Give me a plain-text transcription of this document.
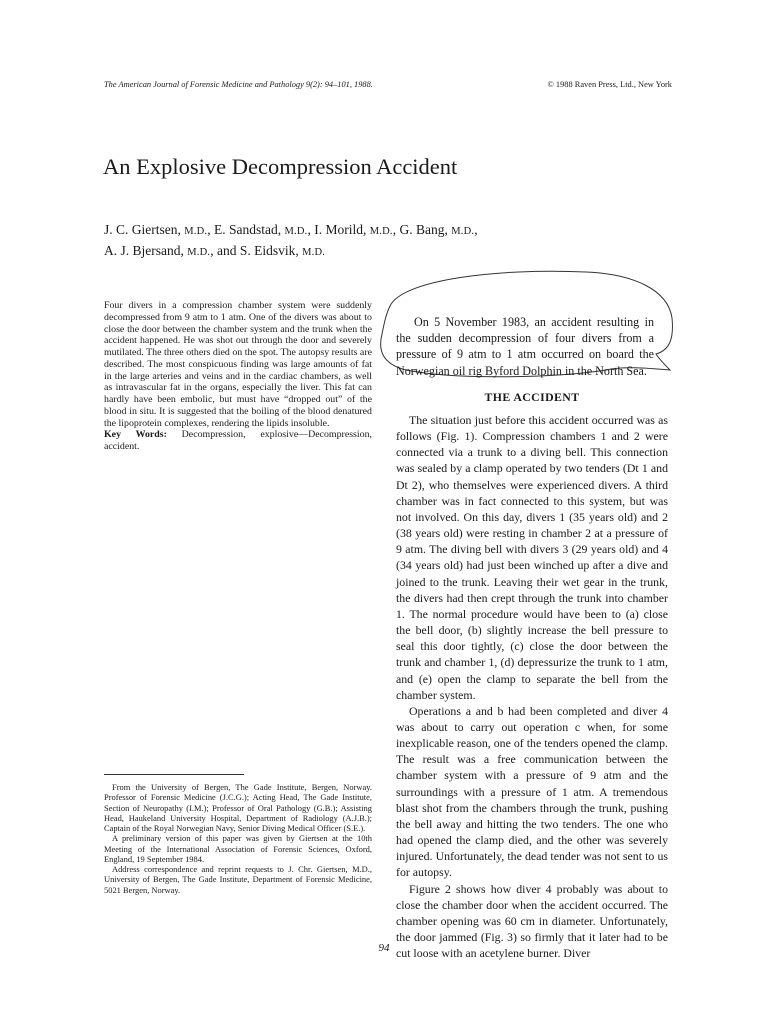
The American Journal of Forensic Medicine and Pathology 9(2): 94–101, 1988.	© 1988 Raven Press, Ltd., New York
An Explosive Decompression Accident
J. C. Giertsen, M.D., E. Sandstad, M.D., I. Morild, M.D., G. Bang, M.D.,
A. J. Bjersand, M.D., and S. Eidsvik, M.D.
Four divers in a compression chamber system were suddenly decompressed from 9 atm to 1 atm. One of the divers was about to close the door between the chamber system and the trunk when the accident happened. He was shot out through the door and severely mutilated. The three others died on the spot. The autopsy results are described. The most conspicuous finding was large amounts of fat in the large arteries and veins and in the cardiac chambers, as well as intravascular fat in the organs, especially the liver. This fat can hardly have been embolic, but must have “dropped out” of the blood in situ. It is suggested that the boiling of the blood denatured the lipoprotein complexes, rendering the lipids insoluble.
Key Words: Decompression, explosive—Decompression, accident.

On 5 November 1983, an accident resulting in the sudden decompression of four divers from a pressure of 9 atm to 1 atm occurred on board the Norwegian oil rig Byford Dolphin in the North Sea.

THE ACCIDENT

The situation just before this accident occurred was as follows (Fig. 1). Compression chambers 1 and 2 were connected via a trunk to a diving bell. This connection was sealed by a clamp operated by two tenders (Dt 1 and Dt 2), who themselves were experienced divers. A third chamber was in fact connected to this system, but was not involved. On this day, divers 1 (35 years old) and 2 (38 years old) were resting in chamber 2 at a pressure of 9 atm. The diving bell with divers 3 (29 years old) and 4 (34 years old) had just been winched up after a dive and joined to the trunk. Leaving their wet gear in the trunk, the divers had then crept through the trunk into chamber 1. The normal procedure would have been to (a) close the bell door, (b) slightly increase the bell pressure to seal this door tightly, (c) close the door between the trunk and chamber 1, (d) depressurize the trunk to 1 atm, and (e) open the clamp to separate the bell from the chamber system.

Operations a and b had been completed and diver 4 was about to carry out operation c when, for some inexplicable reason, one of the tenders opened the clamp. The result was a free communication between the chamber system with a pressure of 9 atm and the surroundings with a pressure of 1 atm. A tremendous blast shot from the chambers through the trunk, pushing the bell away and hitting the two tenders. The one who had opened the clamp died, and the other was severely injured. Unfortunately, the dead tender was not sent to us for autopsy.

Figure 2 shows how diver 4 probably was about to close the chamber door when the accident occurred. The chamber opening was 60 cm in diameter. Unfortunately, the door jammed (Fig. 3) so firmly that it later had to be cut loose with an acetylene burner. Diver

From the University of Bergen, The Gade Institute, Bergen, Norway. Professor of Forensic Medicine (J.C.G.); Acting Head, The Gade Institute, Section of Neuropathy (I.M.); Professor of Oral Pathology (G.B.); Assisting Head, Haukeland University Hospital, Department of Radiology (A.J.B.); Captain of the Royal Norwegian Navy, Senior Diving Medical Officer (S.E.).

A preliminary version of this paper was given by Giertsen at the 10th Meeting of the International Association of Forensic Sciences, Oxford, England, 19 September 1984.

Address correspondence and reprint requests to J. Chr. Giertsen, M.D., University of Bergen, The Gade Institute, Department of Forensic Medicine, 5021 Bergen, Norway.

94
